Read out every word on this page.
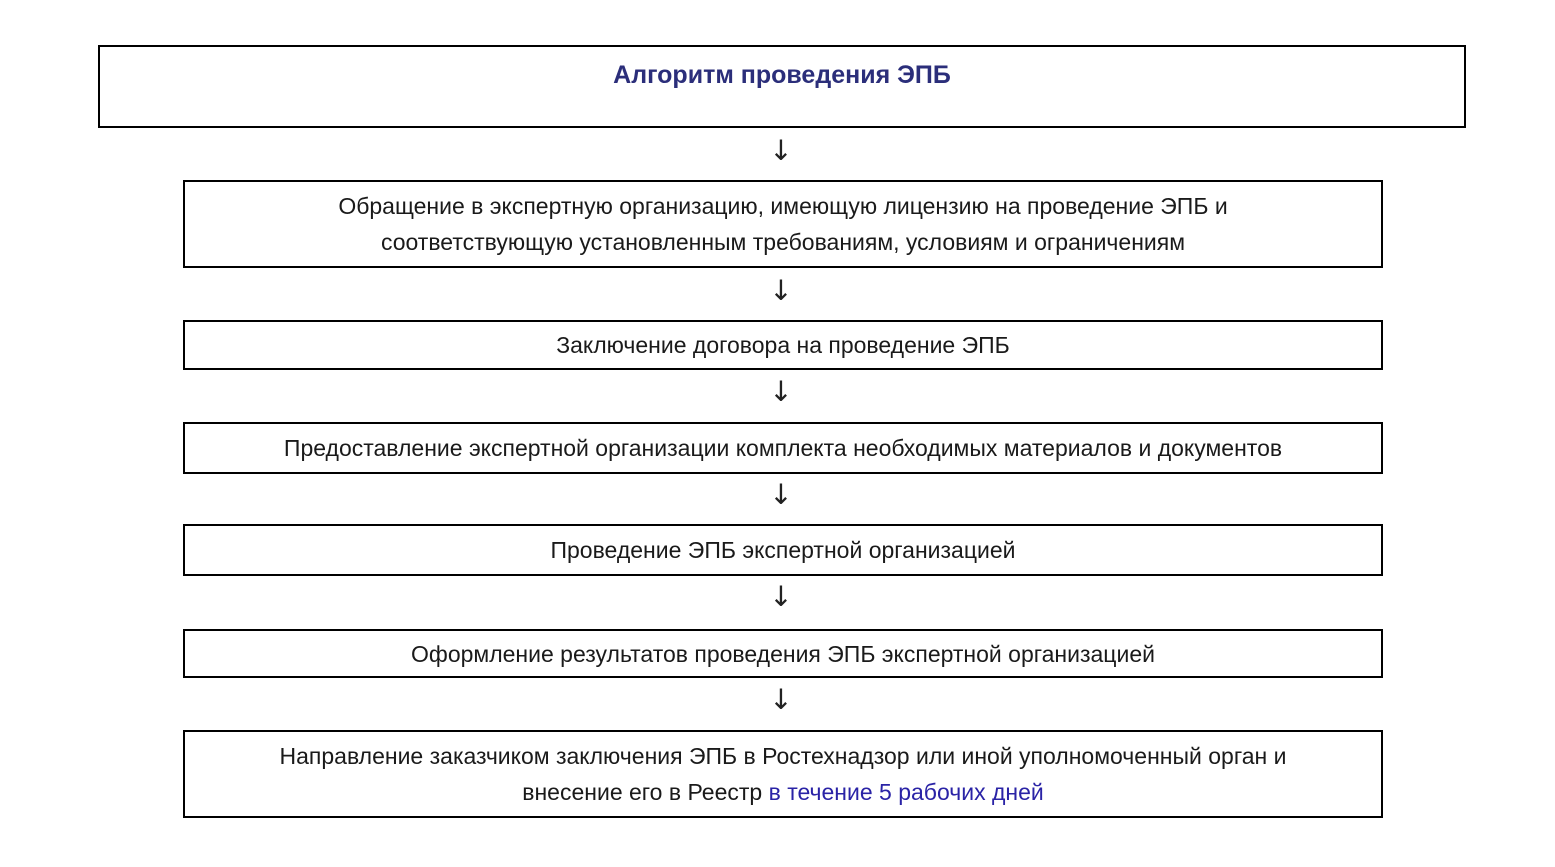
Алгоритм проведения ЭПБ
↓
Обращение в экспертную организацию, имеющую лицензию на проведение ЭПБ и
соответствующую установленным требованиям, условиям и ограничениям
↓
Заключение договора на проведение ЭПБ
↓
Предоставление экспертной организации комплекта необходимых материалов и документов
↓
Проведение ЭПБ экспертной организацией
↓
Оформление результатов проведения ЭПБ экспертной организацией
↓
Направление заказчиком заключения ЭПБ в Ростехнадзор или иной уполномоченный орган и
внесение его в Реестр в течение 5 рабочих дней
